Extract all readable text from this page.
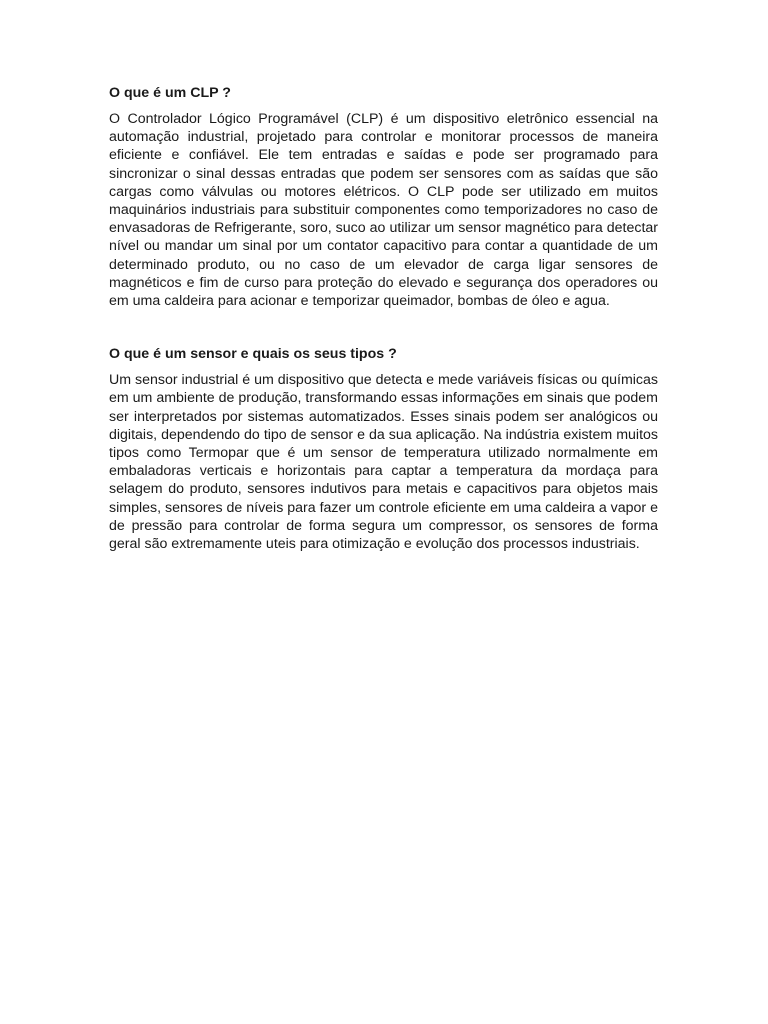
O que é um CLP ?

O Controlador Lógico Programável (CLP) é um dispositivo eletrônico essencial na automação industrial, projetado para controlar e monitorar processos de maneira eficiente e confiável. Ele tem entradas e saídas e pode ser programado para sincronizar o sinal dessas entradas que podem ser sensores com as saídas que são cargas como válvulas ou motores elétricos. O CLP pode ser utilizado em muitos maquinários industriais para substituir componentes como temporizadores no caso de envasadoras de Refrigerante, soro, suco ao utilizar um sensor magnético para detectar nível ou mandar um sinal por um contator capacitivo para contar a quantidade de um determinado produto, ou no caso de um elevador de carga ligar sensores de magnéticos e fim de curso para proteção do elevado e segurança dos operadores ou em uma caldeira para acionar e temporizar queimador, bombas de óleo e agua.

O que é um sensor e quais os seus tipos ?

Um sensor industrial é um dispositivo que detecta e mede variáveis físicas ou químicas em um ambiente de produção, transformando essas informações em sinais que podem ser interpretados por sistemas automatizados. Esses sinais podem ser analógicos ou digitais, dependendo do tipo de sensor e da sua aplicação. Na indústria existem muitos tipos como Termopar que é um sensor de temperatura utilizado normalmente em embaladoras verticais e horizontais para captar a temperatura da mordaça para selagem do produto, sensores indutivos para metais e capacitivos para objetos mais simples, sensores de níveis para fazer um controle eficiente em uma caldeira a vapor e de pressão para controlar de forma segura um compressor, os sensores de forma geral são extremamente uteis para otimização e evolução dos processos industriais.
